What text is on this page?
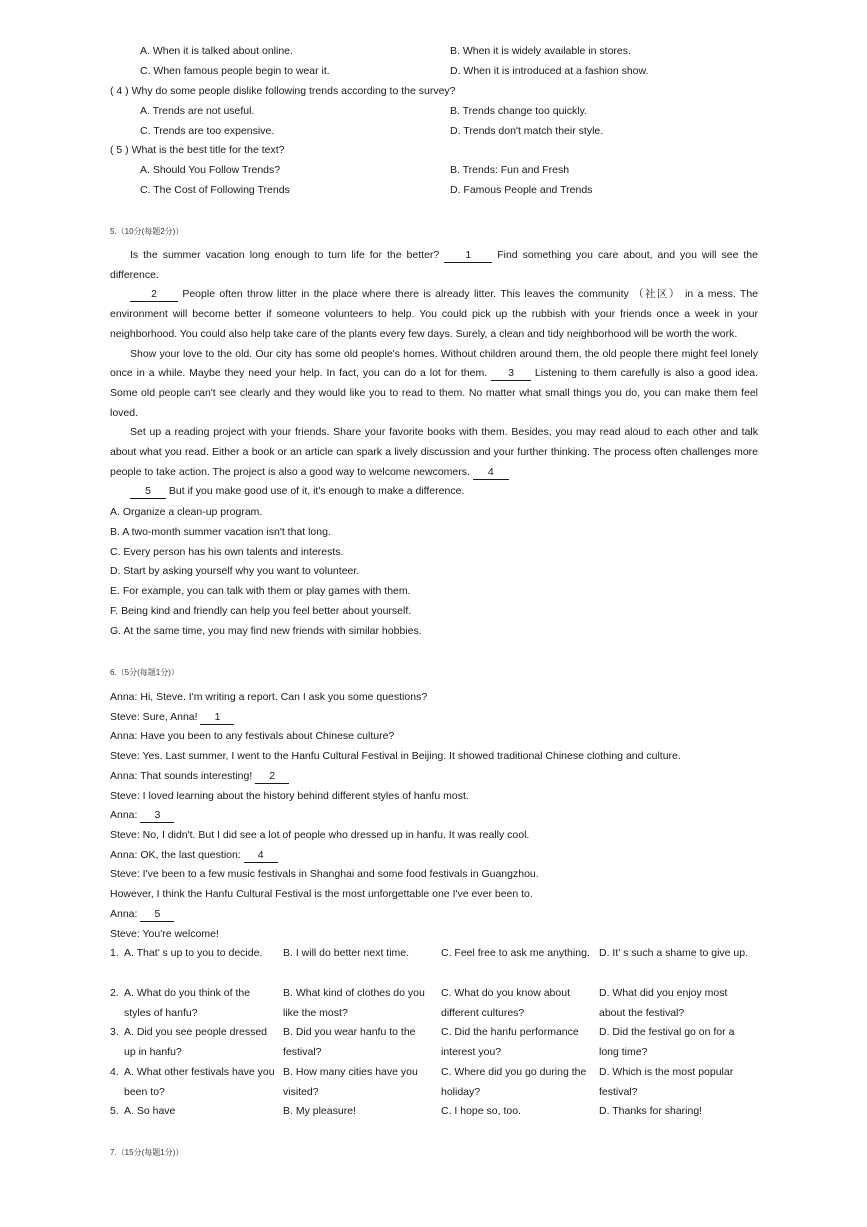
A. When it is talked about online.	B. When it is widely available in stores.
C. When famous people begin to wear it.	D. When it is introduced at a fashion show.
( 4 ) Why do some people dislike following trends according to the survey?
A. Trends are not useful.	B. Trends change too quickly.
C. Trends are too expensive.	D. Trends don't match their style.
( 5 ) What is the best title for the text?
A. Should You Follow Trends?	B. Trends: Fun and Fresh
C. The Cost of Following Trends	D. Famous People and Trends
5.（10分(每题2分)）
Is the summer vacation long enough to turn life for the better? 1 Find something you care about, and you will see the difference.
2 People often throw litter in the place where there is already litter. This leaves the community （社区） in a mess. The environment will become better if someone volunteers to help. You could pick up the rubbish with your friends once a week in your neighborhood. You could also help take care of the plants every few days. Surely, a clean and tidy neighborhood will be worth the work.
Show your love to the old. Our city has some old people's homes. Without children around them, the old people there might feel lonely once in a while. Maybe they need your help. In fact, you can do a lot for them. 3 Listening to them carefully is also a good idea. Some old people can't see clearly and they would like you to read to them. No matter what small things you do, you can make them feel loved.
Set up a reading project with your friends. Share your favorite books with them. Besides, you may read aloud to each other and talk about what you read. Either a book or an article can spark a lively discussion and your further thinking. The process often challenges more people to take action. The project is also a good way to welcome newcomers. 4
5 But if you make good use of it, it's enough to make a difference.
A. Organize a clean-up program.
B. A two-month summer vacation isn't that long.
C. Every person has his own talents and interests.
D. Start by asking yourself why you want to volunteer.
E. For example, you can talk with them or play games with them.
F. Being kind and friendly can help you feel better about yourself.
G. At the same time, you may find new friends with similar hobbies.
6.（5分(每题1分)）
Anna: Hi, Steve. I'm writing a report. Can I ask you some questions?
Steve: Sure, Anna! 1
Anna: Have you been to any festivals about Chinese culture?
Steve: Yes. Last summer, I went to the Hanfu Cultural Festival in Beijing. It showed traditional Chinese clothing and culture.
Anna: That sounds interesting! 2
Steve: I loved learning about the history behind different styles of hanfu most.
Anna: 3
Steve: No, I didn't. But I did see a lot of people who dressed up in hanfu. It was really cool.
Anna: OK, the last question: 4
Steve: I've been to a few music festivals in Shanghai and some food festivals in Guangzhou.
However, I think the Hanfu Cultural Festival is the most unforgettable one I've ever been to.
Anna: 5
Steve: You're welcome!
1. A. That’ s up to you to decide.	B. I will do better next time.	C. Feel free to ask me anything. D. It’ s such a shame to give up.
2. A. What do you think of the styles of hanfu?
B. What kind of clothes do you like the most?
C. What do you know about different cultures?
D. What did you enjoy most about the festival?
3. A. Did you see people dressed up in hanfu?
B. Did you wear hanfu to the festival?
C. Did the hanfu performance interest you?
D. Did the festival go on for a long time?
4. A. What other festivals have you been to?
B. How many cities have you visited?
C. Where did you go during the holiday?
D. Which is the most popular festival?
5. A. So have	B. My pleasure!	C. I hope so, too.	D. Thanks for sharing!
7.（15分(每题1分)）
